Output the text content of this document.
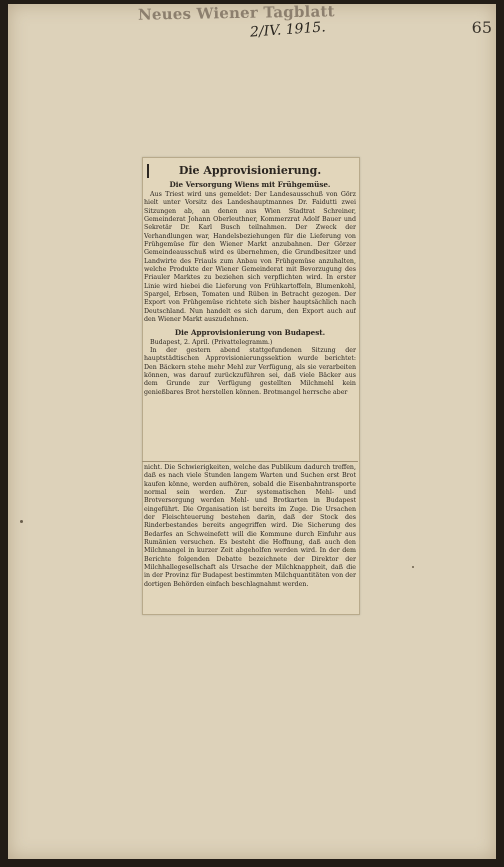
Neues Wiener Tagblatt
2/IV. 1915.	65
Die Approvisionierung.
Die Versorgung Wiens mit Frühgemüse.

Aus Triest wird uns gemeldet: Der Landesausschuß von Görz hielt unter Vorsitz des Landeshauptmannes Dr. Faidutti zwei Sitzungen ab, an denen aus Wien Stadtrat Schreiner, Gemeinderat Johann Oberleuthner, Kommerzrat Adolf Bauer und Sekretär Dr. Karl Busch teilnahmen. Der Zweck der Verhandlungen war, Handelsbeziehungen für die Lieferung von Frühgemüse für den Wiener Markt anzubahnen. Der Görzer Gemeindeausschuß wird es übernehmen, die Grundbesitzer und Landwirte des Friauls zum Anbau von Frühgemüse anzuhalten, welche Produkte der Wiener Gemeinderat mit Bevorzugung des Friauler Marktes zu beziehen sich verpflichten wird. In erster Linie wird hiebei die Lieferung von Frühkartoffeln, Blumenkohl, Spargel, Erbsen, Tomaten und Rüben in Betracht gezogen. Der Export von Frühgemüse richtete sich bisher hauptsächlich nach Deutschland. Nun handelt es sich darum, den Export auch auf den Wiener Markt auszudehnen.

Die Approvisionierung von Budapest.

Budapest, 2. April. (Privattelegramm.)

In der gestern abend stattgefundenen Sitzung der hauptstädtischen Approvisionierungssektion wurde berichtet: Den Bäckern stehe mehr Mehl zur Verfügung, als sie verarbeiten können, was darauf zurückzuführen sei, daß viele Bäcker aus dem Grunde zur Verfügung gestellten Milchmehl kein genießbares Brot herstellen können. Brotmangel herrsche aber

nicht. Die Schwierigkeiten, welche das Publikum dadurch treffen, daß es nach viele Stunden langem Warten und Suchen erst Brot kaufen könne, werden aufhören, sobald die Eisenbahntransporte normal sein werden. Zur systematischen Mehl- und Brotversorgung werden Mehl- und Brotkarten in Budapest eingeführt. Die Organisation ist bereits im Zuge. Die Ursachen der Fleischteuerung bestehen darin, daß der Stock des Rinderbestandes bereits angegriffen wird. Die Sicherung des Bedarfes an Schweinefett will die Kommune durch Einfuhr aus Rumänien versuchen. Es besteht die Hoffnung, daß auch den Milchmangel in kurzer Zeit abgeholfen werden wird. In der dem Berichte folgenden Debatte bezeichnete der Direktor der Milchhallegesellschaft als Ursache der Milchknappheit, daß die in der Provinz für Budapest bestimmten Milchquantitäten von der dortigen Behörden einfach beschlagnahmt werden.
